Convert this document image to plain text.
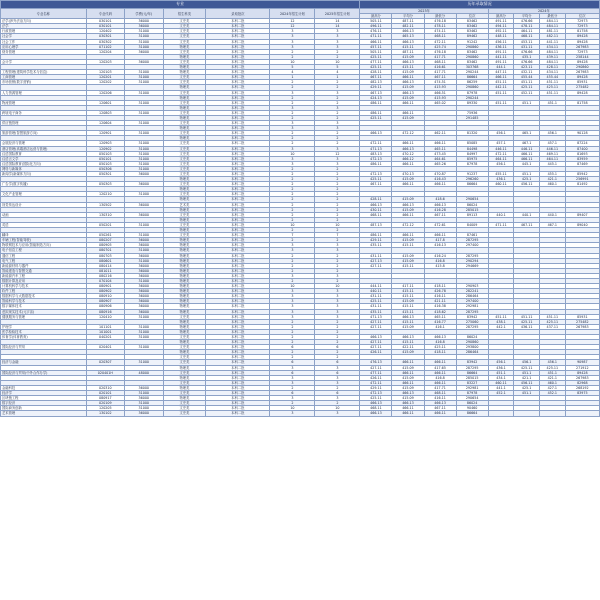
专业							历年录取情况							
专业名称	专业代码	学费(元/年)	招生科类	录取批次	2024年招生计划	2025年招生计划	2023年				2024年			
							最高分	平均分	最低分	位次	最高分	平均分	最低分	位次
法学(涉外法治方向)	030101	36000	文史类	本科二批	12	14	505.11	487.11	476.18	83462	491.11	476.66	484.11	72973
法学	030101	36000	文史类	本科二批	12	14	496.11	482.11	478.11	83462	494.11	478.11	484.11	72973
行政管理	120402	31000	文史类	本科二批	3	3	476.11	466.13	474.11	83462	492.11	464.11	481.11	81758
社会学	030301	31000	文史类	本科二批	3	3	471.11	465.13	468.11	89462	448.11	468.11	482.11	89428
社会工作	030302	31000	文史类	本科二批	3	3	466.11	466.13	472.11	91242	456.11	453.11	441.11	89428
应用心理学	071102	31000	物理类	本科二批	3	3	457.11	415.11	425.74	290860	436.11	431.11	434.11	267983
财务管理	120204	36000	文史类	本科二批	2	2	505.11	487.11	476.18	83462	491.11	476.66	484.11	72973
			物理类	本科二批	2	2	425.11	415.09	417.71	290860	441.11	435.1	439.11	258144
会计学	120203	36000	文史类	本科二批	10	10	477.11	466.13	468.11	83462	491.11	476.66	484.11	89428
			物理类	本科二批	5	5	425.11	415.11	416.61	303768	444.1	423.11	428.11	290860
工程管理(建筑科学技术与信息)	120103	31000	物理类	本科二批	4	4	428.11	415.09	417.71	290244	447.11	432.11	434.11	267983
工商管理	120201	31000	文史类	本科二批	1	1	467.11	466.11	467.11	86664	466.11	455.44	455.44	89428
市场营销(数字营销)	120202	31000	文史类	本科二批	2	2	482.13	466.13	474.51	86259	451.11	451.11	451.11	85931
			物理类	本科二批	2	2	429.11	415.09	415.93	290860	442.11	425.11	425.11	275482
人力资源管理	120206	31000	文史类	本科二批	3	3	467.13	466.13	466.51	87978	451.11	452.11	451.11	89428
			物理类	本科二批	2	2	424.13	415.09	415.93	290244				
物流管理	120601	31000	文史类	本科二批	2	2	486.11	466.11	465.02	89330	451.11	451.1	451.1	81758
			物理类	本科二批	3	3								
跨境电子商务	120803	31000	文史类	本科二批	2	2	486.11	466.11		75936				
			物理类	本科二批	2	2	425.11	415.09		291485				
供应链管理	120604	31000	文史类	本科二批	3	3								
			物理类	本科二批	3	3								
旅游管理(智慧旅游方向)	120901	31000	文史类	本科二批	2	2	466.13	472.12	462.11	81320	456.1	465.1	456.1	90128
			物理类	本科二批	2	2								
会展经济与管理	120903	31000	文史类	本科二批	2	2	472.11	466.11	466.11	85085	457.1	467.1	457.1	87224
酒店管理(高端酒店运营与管理)	120902	31000	文史类	本科二批	3	3	471.13	466.13	465.11	84498	446.11	446.11	446.11	87400
汉语国际教育	050103	31000	文史类	本科二批	10	12	483.13	470.12	473.45	84997	472.11	466.11	469.11	81693
汉语言文学	050101	31000	文史类	本科二批	3	3	472.13	466.12	464.61	85975	464.11	466.11	464.11	83959
汉语国际教育(国际化方向)	050103	31000	文史类	本科二批	3	3	486.11	466.11	465.26	87978	456.1	445.1	445.1	87469
网络与新媒体	050306	31000	文史类	本科二批	2	2								
新闻学(新媒体方向)	050301	36000	文史类	本科二批	2	2	472.13	470.13	470.87	91237	455.11	451.1	455.1	85942
			物理类	本科二批	2	2	425.11	415.09	416.43	296260	436.1	425.1	421.1	256991
广告学(数字传播)	050303	36000	文史类	本科二批	2	2	467.11	466.11	466.11	86664	460.11	456.11	460.1	81492
			物理类	本科二批	2	2								
文化产业管理	120210	31000	文史类	本科二批	2	2								
			物理类	本科二批	2	2	428.11	415.09	418.6	290654				
视觉传达设计	130502	36000	艺术类	本科二批	2	2	466.13	466.13	466.13	86024				
			物理类	本科二批	2	2	430.11	415.09	416.28	285015				
动画	130310	36000	文史类	本科二批	2	2	468.11	466.11	467.11	89113	440.1	440.1	440.1	89407
			物理类	本科二批	2	2								
英语	050201	31000	文史类	本科二批	10	10	487.13	472.12	472.61	84009	471.11	467.11	467.1	89040
			物理类	本科二批	2	2								
翻译	050261	31000	文史类	本科二批	7	7	486.11	466.11	466.11	87461				
车辆工程(智能驾驶)	080207	36000	物理类	本科二批	2	2	429.11	415.09	417.8	287295				
物联网技术与应用(智能制造方向)	080905	36000	物理类	本科二批	3	3	435.11	415.11	416.13	297400				
电子信息工程	080701	31000	物理类	本科二批	3	3								
通信工程	080703	36000	物理类	本科二批	2	2	431.11	415.09	416.24	287295				
电气工程	080601	31000	物理类	本科二批	2	2	427.13	415.09	416.8	290294				
新能源材料与器件	080414	36000	物理类	本科二批	2	2	427.11	415.11	415.8	294669				
智能建造与智慧交通	081011	36000	物理类	本科二批	2	2								
新能源汽车工程	080216	36000	物理类	本科二批	3	3								
数据计算及应用	070104	31000	物理类	本科二批	2	2								
计算机科学与技术	080901	36000	物理类	本科二批	10	10	444.11	417.11	418.11	290903				
软件工程	080902	36000	物理类	本科二批	3	3	440.11	415.11	426.78	282241				
数据科学与大数据技术	080910	36000	物理类	本科二批	3	3	431.11	415.11	416.11	286464				
智能科学与技术	080907	36000	物理类	本科二批	3	3	425.11	415.09	421.11	297400				
数字媒体技术	080906	36000	物理类	本科二批	3	3	431.11	415.11	416.38	292981				
虚拟现实技术(元宇宙)	080916	36000	物理类	本科二批	3	3	435.11	415.11	418.62	287295				
健康服务与管理	120410	31000	文史类	本科二批	3	3	471.13	466.13	465.11	83942	451.11	451.11	451.11	85931
			物理类	本科二批	2	2	427.11	415.11	416.77	275060	438.1	425.11	425.11	275482
护理学	101101	31000	物理类	本科二批	2	2	427.11	415.09	416.1	287295	442.1	436.11	437.11	267983
医学检验技术	101001	31000	物理类	本科二批	2	2								
体育学(体育教育)	040201	31000	文史类	本科二批	2	2	466.13	466.13	466.13	86024				
			物理类	本科二批	2	2	427.11	415.11	416.8	290860				
国际经济与贸易	020401	31000	文史类	本科二批	6	6	427.11	422.11	425.11	293800				
			物理类	本科二批	2	2	426.11	415.09	418.11	286464				
			文史类	本科二批	2	2								
经济与金融	020307	31000	文史类	本科二批	6	6	476.13	466.11	466.11	83942	456.1	456.1	456.1	90987
			物理类	本科二批	3	3	427.11	415.09	417.65	287295	436.1	425.11	425.11	271912
国际经济与贸易(中外合作办学)	020401H	48000	文史类	本科二批	6	6	477.11	466.11	466.11	86664	451.1	451.1	451.1	89428
			物理类	本科二批	3	3	426.11	415.09	416.8	285015	434.1	421.1	421.1	267983
			文史类	本科二批	3	3	472.11	466.11	466.11	83227	460.11	456.11	460.1	82968
金融科技	020310	36000	物理类	本科二批	2	2	429.11	415.09	417.71	292981	441.1	425.1	427.1	268192
经济学	020101	31000	文史类	本科二批	6	6	472.13	466.13	468.11	87978	452.1	451.1	452.1	83975
区块链工程	080917	36000	物理类	本科二批	3	3	425.11	415.09	416.11	290654				
数字经济	020109	31000	文史类	本科二批	2	2	466.13	466.13	466.13	86024				
国际商务创新	120205	31000	文史类	本科二批	10	10	468.11	466.11	467.11	90460				
艺术管理	130102	36000	文史类	本科二批	3	3	466.13	466.11	466.11	86664				
